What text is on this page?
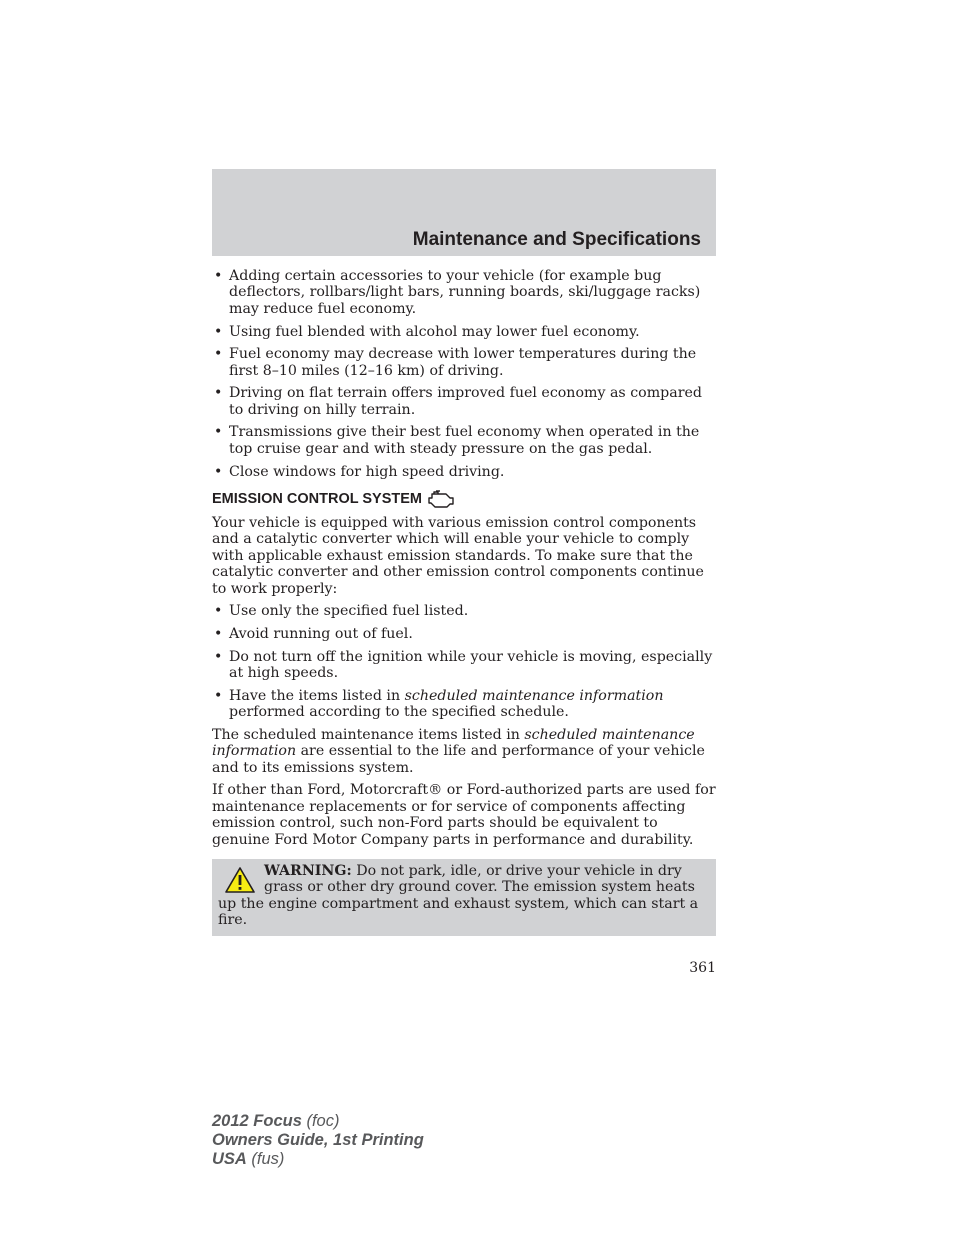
Maintenance and Specifications
• Adding certain accessories to your vehicle (for example bug deflectors, rollbars/light bars, running boards, ski/luggage racks) may reduce fuel economy.
• Using fuel blended with alcohol may lower fuel economy.
• Fuel economy may decrease with lower temperatures during the first 8–10 miles (12–16 km) of driving.
• Driving on flat terrain offers improved fuel economy as compared to driving on hilly terrain.
• Transmissions give their best fuel economy when operated in the top cruise gear and with steady pressure on the gas pedal.
• Close windows for high speed driving.
EMISSION CONTROL SYSTEM

Your vehicle is equipped with various emission control components and a catalytic converter which will enable your vehicle to comply with applicable exhaust emission standards. To make sure that the catalytic converter and other emission control components continue to work properly:

• Use only the specified fuel listed.
• Avoid running out of fuel.
• Do not turn off the ignition while your vehicle is moving, especially at high speeds.
• Have the items listed in scheduled maintenance information performed according to the specified schedule.

The scheduled maintenance items listed in scheduled maintenance information are essential to the life and performance of your vehicle and to its emissions system.

If other than Ford, Motorcraft® or Ford-authorized parts are used for maintenance replacements or for service of components affecting emission control, such non-Ford parts should be equivalent to genuine Ford Motor Company parts in performance and durability.

WARNING: Do not park, idle, or drive your vehicle in dry grass or other dry ground cover. The emission system heats up the engine compartment and exhaust system, which can start a fire.
361
2012 Focus (foc)
Owners Guide, 1st Printing
USA (fus)
